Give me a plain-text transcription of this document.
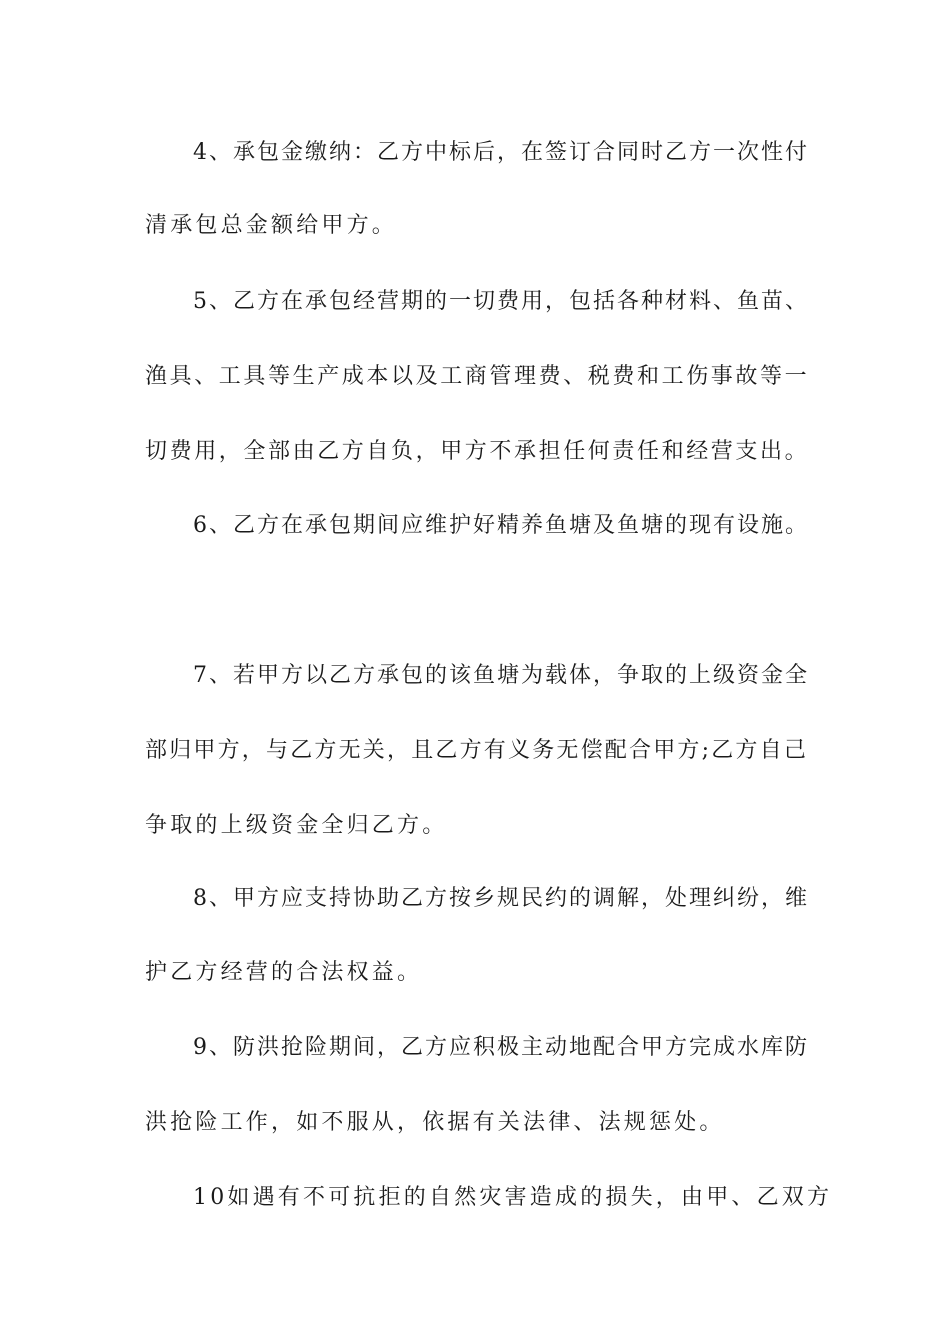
4、承包金缴纳：乙方中标后，在签订合同时乙方一次性付
清承包总金额给甲方。
5、乙方在承包经营期的一切费用，包括各种材料、鱼苗、
渔具、工具等生产成本以及工商管理费、税费和工伤事故等一
切费用，全部由乙方自负，甲方不承担任何责任和经营支出。
6、乙方在承包期间应维护好精养鱼塘及鱼塘的现有设施。
7、若甲方以乙方承包的该鱼塘为载体，争取的上级资金全
部归甲方，与乙方无关，且乙方有义务无偿配合甲方;乙方自己
争取的上级资金全归乙方。
8、甲方应支持协助乙方按乡规民约的调解，处理纠纷，维
护乙方经营的合法权益。
9、防洪抢险期间，乙方应积极主动地配合甲方完成水库防
洪抢险工作，如不服从，依据有关法律、法规惩处。
10如遇有不可抗拒的自然灾害造成的损失，由甲、乙双方
